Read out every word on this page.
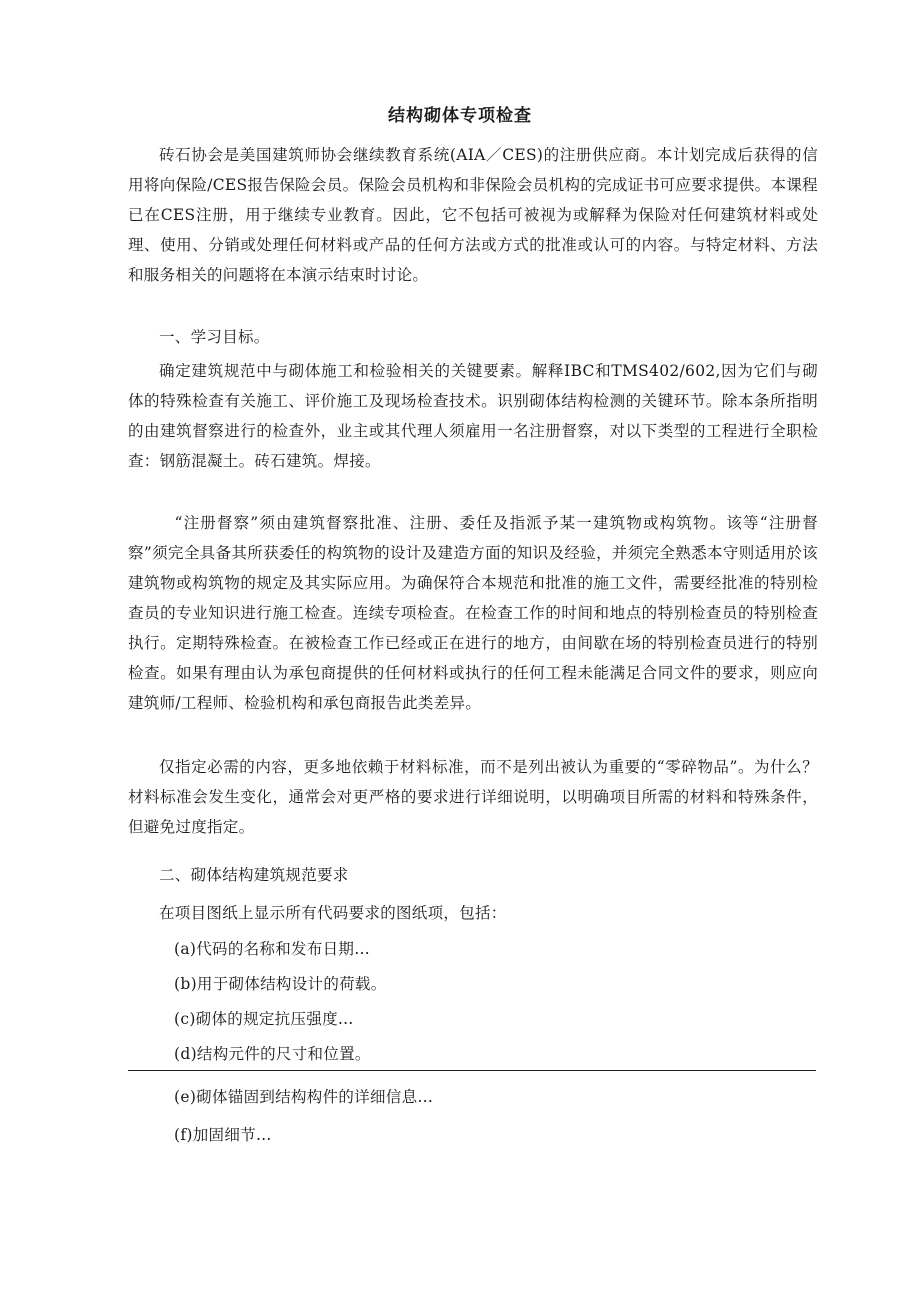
结构砌体专项检查

砖石协会是美国建筑师协会继续教育系统(AIA／CES)的注册供应商。本计划完成后获得的信用将向保险/CES报告保险会员。保险会员机构和非保险会员机构的完成证书可应要求提供。本课程已在CES注册，用于继续专业教育。因此，它不包括可被视为或解释为保险对任何建筑材料或处理、使用、分销或处理任何材料或产品的任何方法或方式的批准或认可的内容。与特定材料、方法和服务相关的问题将在本演示结束时讨论。

一、学习目标。

确定建筑规范中与砌体施工和检验相关的关键要素。解释IBC和TMS402/602,因为它们与砌体的特殊检查有关施工、评价施工及现场检查技术。识别砌体结构检测的关键环节。除本条所指明的由建筑督察进行的检查外，业主或其代理人须雇用一名注册督察，对以下类型的工程进行全职检查：钢筋混凝土。砖石建筑。焊接。

“注册督察”须由建筑督察批准、注册、委任及指派予某一建筑物或构筑物。该等“注册督察”须完全具备其所获委任的构筑物的设计及建造方面的知识及经验，并须完全熟悉本守则适用於该建筑物或构筑物的规定及其实际应用。为确保符合本规范和批准的施工文件，需要经批准的特别检查员的专业知识进行施工检查。连续专项检查。在检查工作的时间和地点的特别检查员的特别检查执行。定期特殊检查。在被检查工作已经或正在进行的地方，由间歇在场的特别检查员进行的特别检查。如果有理由认为承包商提供的任何材料或执行的任何工程未能满足合同文件的要求，则应向建筑师/工程师、检验机构和承包商报告此类差异。

仅指定必需的内容，更多地依赖于材料标准，而不是列出被认为重要的“零碎物品”。为什么？材料标准会发生变化，通常会对更严格的要求进行详细说明，以明确项目所需的材料和特殊条件，但避免过度指定。

二、砌体结构建筑规范要求

在项目图纸上显示所有代码要求的图纸项，包括：

(a)代码的名称和发布日期…
(b)用于砌体结构设计的荷载。
(c)砌体的规定抗压强度…
(d)结构元件的尺寸和位置。
(e)砌体锚固到结构构件的详细信息…
(f)加固细节…
